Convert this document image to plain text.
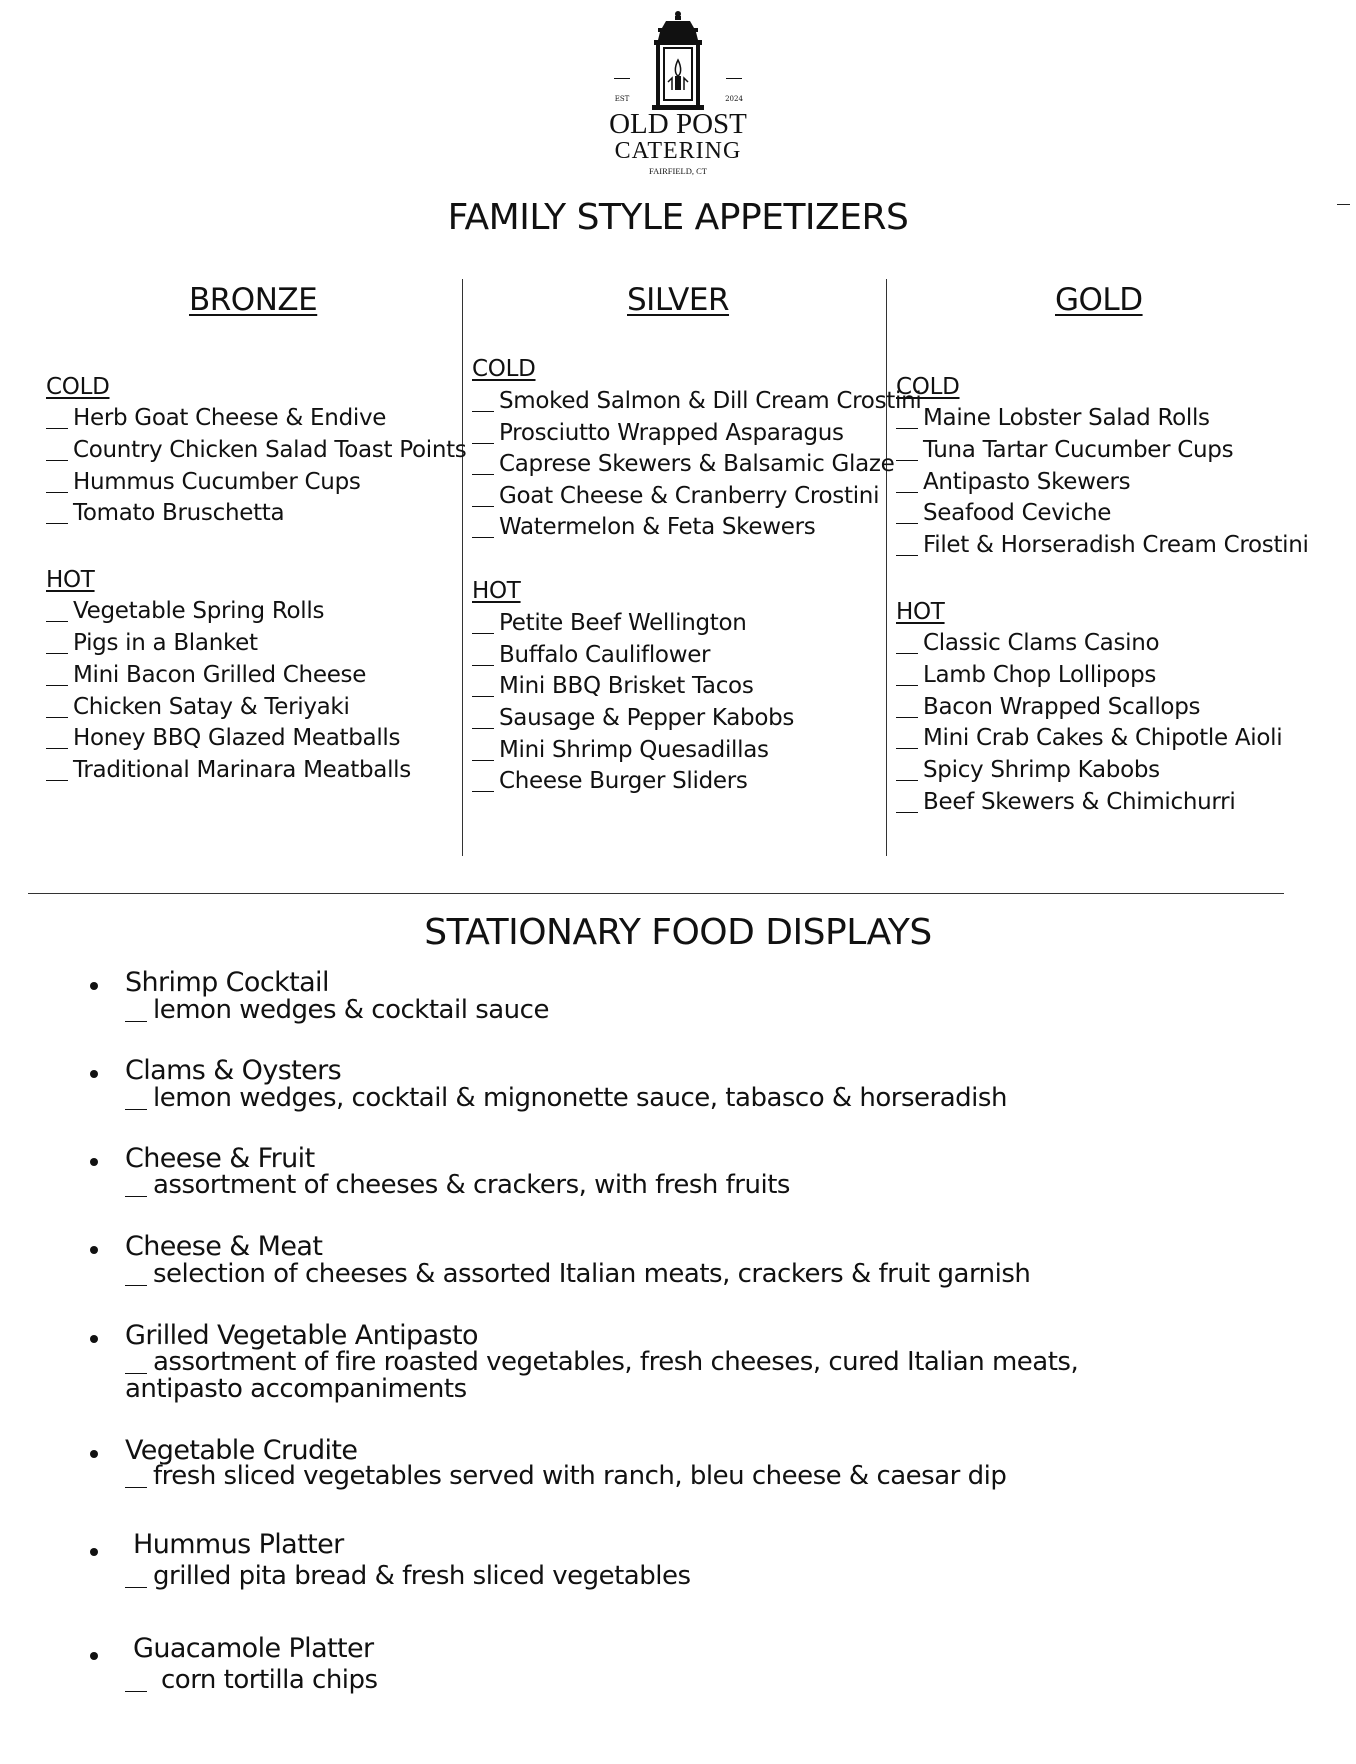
EST	2024
OLD POST
CATERING
FAIRFIELD, CT
FAMILY STYLE APPETIZERS
BRONZE	SILVER	GOLD
COLD
Herb Goat Cheese & Endive
Country Chicken Salad Toast Points
Hummus Cucumber Cups
Tomato Bruschetta
HOT
Vegetable Spring Rolls
Pigs in a Blanket
Mini Bacon Grilled Cheese
Chicken Satay & Teriyaki
Honey BBQ Glazed Meatballs
Traditional Marinara Meatballs
COLD
Smoked Salmon & Dill Cream Crostini
Prosciutto Wrapped Asparagus
Caprese Skewers & Balsamic Glaze
Goat Cheese & Cranberry Crostini
Watermelon & Feta Skewers
HOT
Petite Beef Wellington
Buffalo Cauliflower
Mini BBQ Brisket Tacos
Sausage & Pepper Kabobs
Mini Shrimp Quesadillas
Cheese Burger Sliders
COLD
Maine Lobster Salad Rolls
Tuna Tartar Cucumber Cups
Antipasto Skewers
Seafood Ceviche
Filet & Horseradish Cream Crostini
HOT
Classic Clams Casino
Lamb Chop Lollipops
Bacon Wrapped Scallops
Mini Crab Cakes & Chipotle Aioli
Spicy Shrimp Kabobs
Beef Skewers & Chimichurri
STATIONARY FOOD DISPLAYS
Shrimp Cocktail
lemon wedges & cocktail sauce
Clams & Oysters
lemon wedges, cocktail & mignonette sauce, tabasco & horseradish
Cheese & Fruit
assortment of cheeses & crackers, with fresh fruits
Cheese & Meat
selection of cheeses & assorted Italian meats, crackers & fruit garnish
Grilled Vegetable Antipasto
assortment of fire roasted vegetables, fresh cheeses, cured Italian meats,
antipasto accompaniments
Vegetable Crudite
fresh sliced vegetables served with ranch, bleu cheese & caesar dip
Hummus Platter
grilled pita bread & fresh sliced vegetables
Guacamole Platter
corn tortilla chips
